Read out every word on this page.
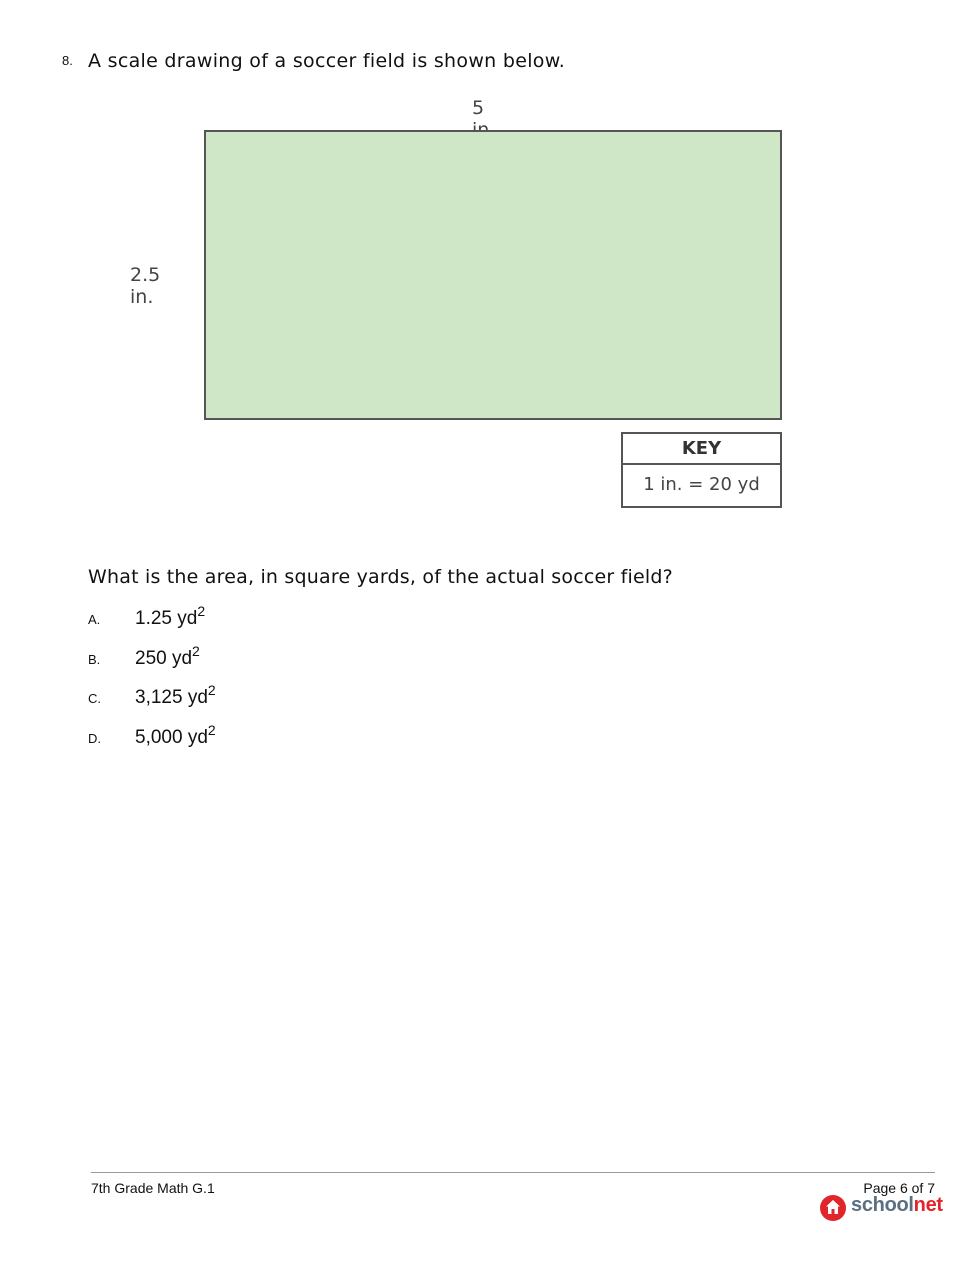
8. A scale drawing of a soccer field is shown below.
5
2.5 in.
KEY
1 in. = 20 yd
What is the area, in square yards, of the actual soccer field?
A. 1.25 $yd^2$
B. 250 $yd^2$
C. 3,125 $yd^2$
D. 5,000 $yd^2$
7th Grade Math G.1	Page 6 of 7
schoolnet
